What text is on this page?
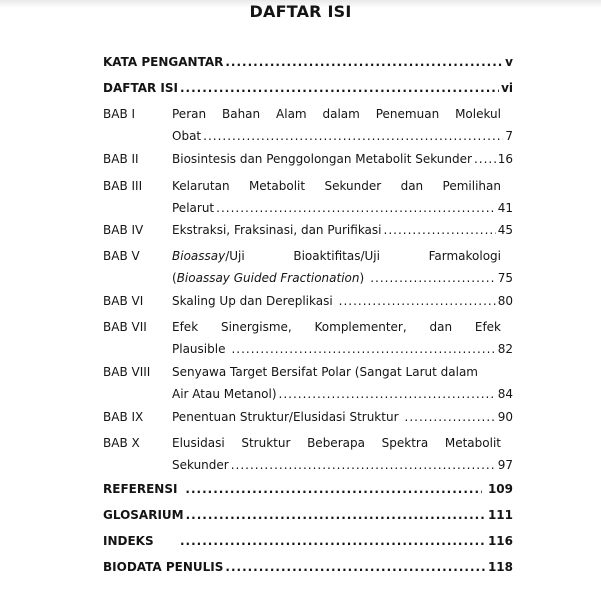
DAFTAR ISI
KATA PENGANTAR .....	v
DAFTAR ISI .....	vi
BAB I	Peran Bahan Alam dalam Penemuan Molekul
Obat .....	7
BAB II	Biosintesis dan Penggolongan Metabolit Sekunder ..... 16
BAB III Kelarutan Metabolit Sekunder dan Pemilihan
Pelarut .....	41
BAB IV Ekstraksi, Fraksinasi, dan Purifikasi .....	45
BAB V	Bioassay/Uji Bioaktifitas/Uji Farmakologi
(Bioassay Guided Fractionation) .....	75
BAB VI Skaling Up dan Dereplikasi .....	80
BAB VII Efek Sinergisme, Komplementer, dan Efek
Plausible .....	82
BAB VIII Senyawa Target Bersifat Polar (Sangat Larut dalam
Air Atau Metanol) .....	84
BAB IX Penentuan Struktur/Elusidasi Struktur .....	90
BAB X	Elusidasi Struktur Beberapa Spektra Metabolit
Sekunder .....	97
REFERENSI .....	109
GLOSARIUM .....	111
INDEKS .....	116
BIODATA PENULIS .....	118
